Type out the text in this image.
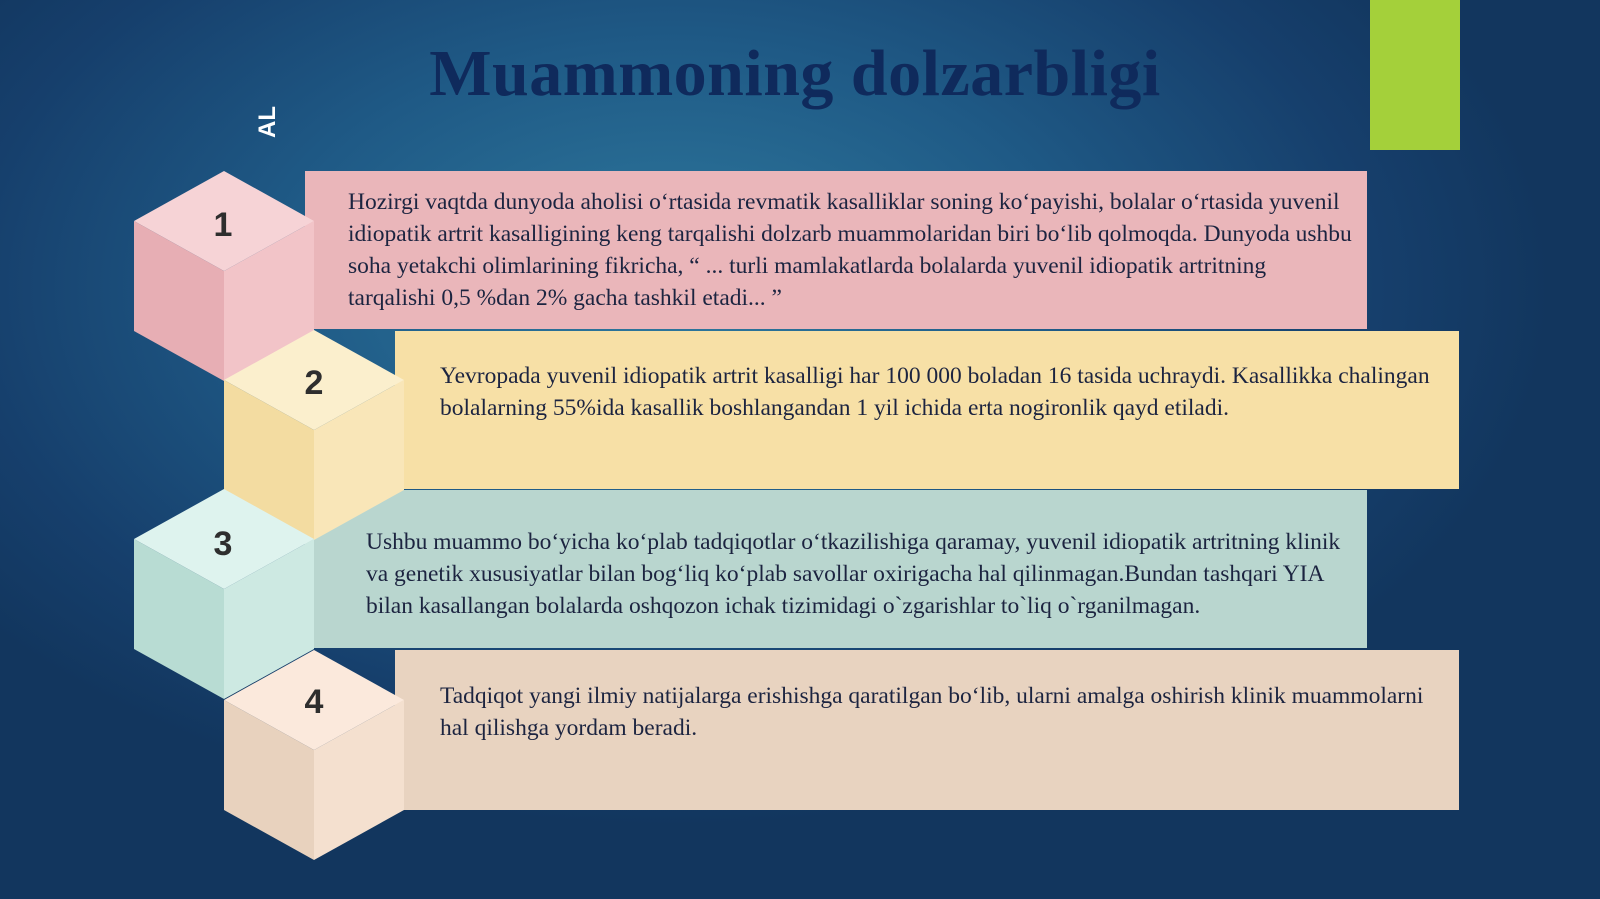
Muammoning dolzarbligi
AL
Hozirgi vaqtda dunyoda aholisi o‘rtasida revmatik kasalliklar soning ko‘payishi, bolalar o‘rtasida yuvenil idiopatik artrit kasalligining keng tarqalishi dolzarb muammolaridan biri bo‘lib qolmoqda. Dunyoda ushbu soha yetakchi olimlarining fikricha, “ ... turli mamlakatlarda bolalarda yuvenil idiopatik artritning tarqalishi 0,5 %dan 2% gacha tashkil etadi... ”
Yevropada yuvenil idiopatik artrit kasalligi har 100 000 boladan 16 tasida uchraydi. Kasallikka chalingan bolalarning 55%ida kasallik boshlangandan 1 yil ichida erta nogironlik qayd etiladi.
Ushbu muammo bo‘yicha ko‘plab tadqiqotlar o‘tkazilishiga qaramay, yuvenil idiopatik artritning klinik va genetik xususiyatlar bilan bog‘liq ko‘plab savollar oxirigacha hal qilinmagan.Bundan tashqari YIA bilan kasallangan bolalarda oshqozon ichak tizimidagi o`zgarishlar to`liq o`rganilmagan.
Tadqiqot yangi ilmiy natijalarga erishishga qaratilgan bo‘lib, ularni amalga oshirish klinik muammolarni hal qilishga yordam beradi.
1
2
3
4
